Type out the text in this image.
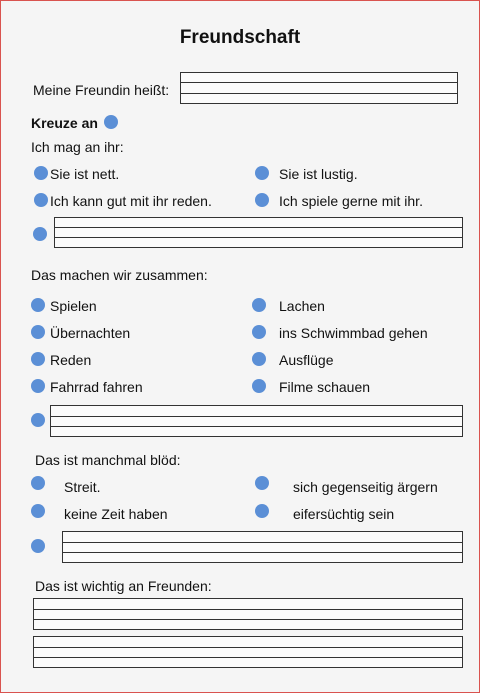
Freundschaft
Meine Freundin heißt:
Kreuze an
Ich mag an ihr:
Sie ist nett.	Sie ist lustig.
Ich kann gut mit ihr reden.	Ich spiele gerne mit ihr.
Das machen wir zusammen:
Spielen	Lachen
Übernachten	ins Schwimmbad gehen
Reden	Ausflüge
Fahrrad fahren	Filme schauen
Das ist manchmal blöd:
Streit.	sich gegenseitig ärgern
keine Zeit haben	eifersüchtig sein
Das ist wichtig an Freunden:
